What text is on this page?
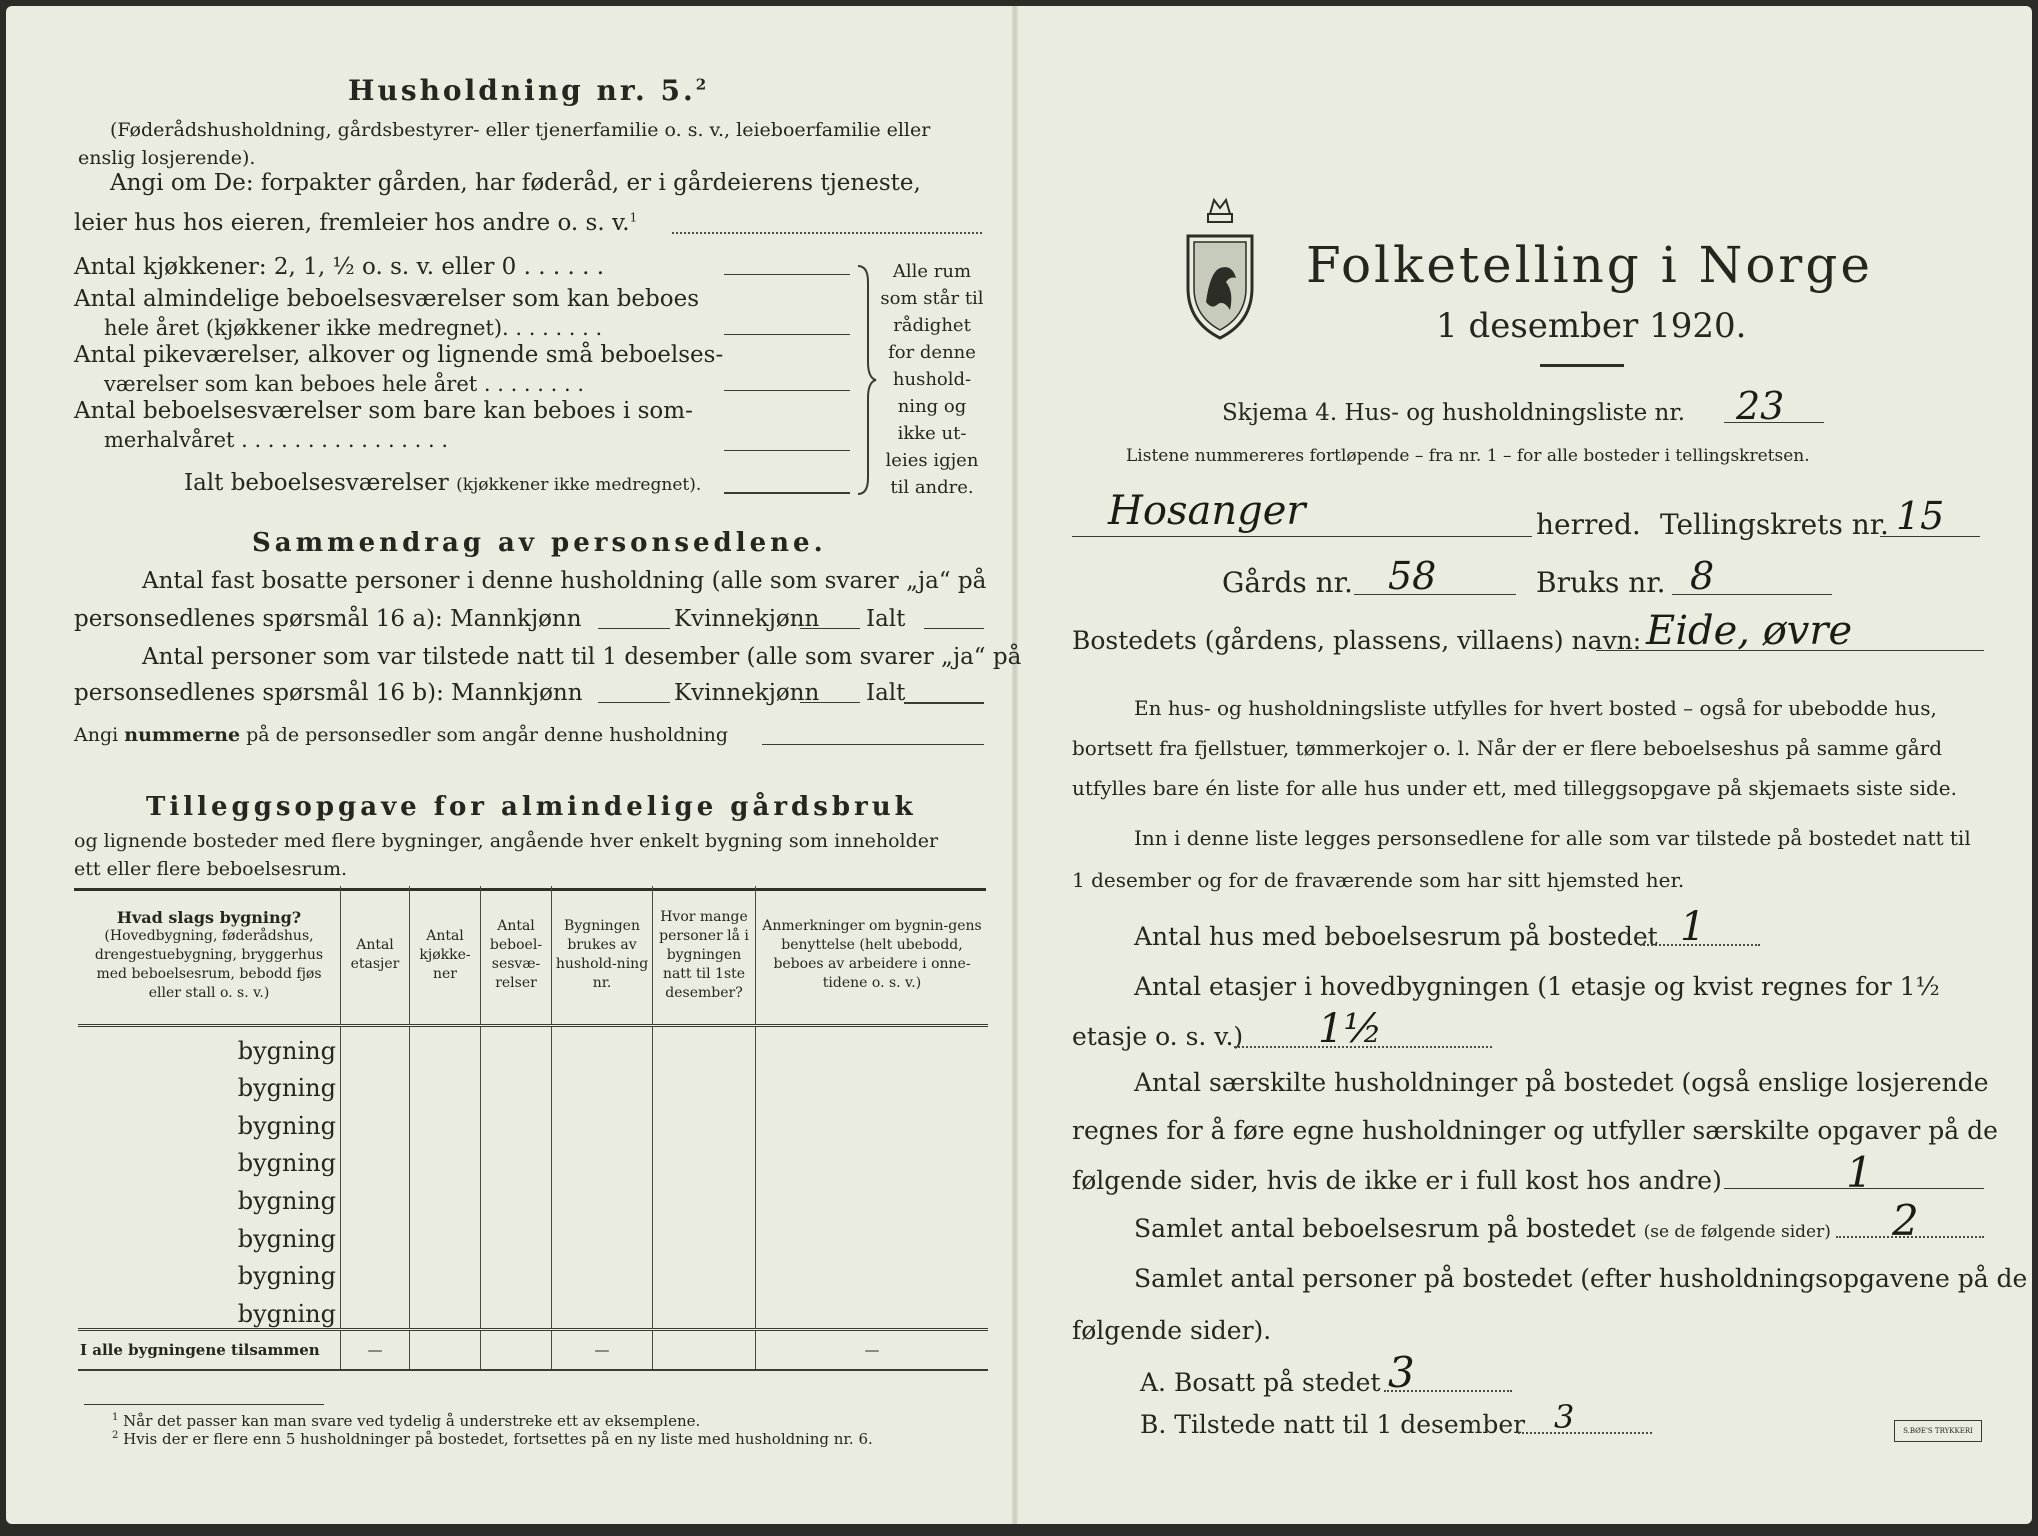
Husholdning nr. 5.$^2$
(Føderådshusholdning, gårdsbestyrer- eller tjenerfamilie o. s. v., leieboerfamilie eller enslig losjerende).
Angi om De: forpakter gården, har føderåd, er i gårdeierens tjeneste,
leier hus hos eieren, fremleier hos andre o. s. v.$^1$
Antal kjøkkener: 2, 1, ½ o. s. v. eller 0 . . . . . .
Antal almindelige beboelsesværelser som kan beboes
hele året (kjøkkener ikke medregnet). . . . . . . .
Antal pikeværelser, alkover og lignende små beboelses-
værelser som kan beboes hele året . . . . . . . .
Antal beboelsesværelser som bare kan beboes i som-
merhalvåret . . . . . . . . . . . . . . . .
Ialt beboelsesværelser (kjøkkener ikke medregnet).
Alle rum
som står til
rådighet
for denne
hushold-
ning og
ikke ut-
leies igjen
til andre.
Sammendrag av personsedlene.
Antal fast bosatte personer i denne husholdning (alle som svarer „ja“ på
personsedlenes spørsmål 16 a): Mannkjønn	Kvinnekjønn Ialt
Antal personer som var tilstede natt til 1 desember (alle som svarer „ja“ på
personsedlenes spørsmål 16 b): Mannkjønn	Kvinnekjønn Ialt
Angi nummerne på de personsedler som angår denne husholdning
Tilleggsopgave for almindelige gårdsbruk
og lignende bosteder med flere bygninger, angående hver enkelt bygning som inneholder
ett eller flere beboelsesrum.
Hvad slags bygning?
(Hovedbygning, føderådshus, drengestuebygning, bryggerhus med beboelsesrum, bebodd fjøs eller stall o. s. v.)	Antal etasjer	Antal kjøkke-ner	Antal beboel-sesvæ-relser	Bygningen brukes av hushold-ning nr.	Hvor mange personer lå i bygningen natt til 1ste desember?	Anmerkninger om bygnin-gens benyttelse (helt ubebodd, beboes av arbeidere i onne-tidene o. s. v.)
bygning						
bygning						
bygning						
bygning						
bygning						
bygning						
bygning						
bygning						
I alle bygningene tilsammen	—			—		—
$^1$ Når det passer kan man svare ved tydelig å understreke ett av eksemplene.
$^2$ Hvis der er flere enn 5 husholdninger på bostedet, fortsettes på en ny liste med husholdning nr. 6.
Folketelling i Norge
1 desember 1920.
Skjema 4. Hus- og husholdningsliste nr. 23
Listene nummereres fortløpende – fra nr. 1 – for alle bosteder i tellingskretsen.
Hosanger	herred. Tellingskrets nr. 15
Gårds nr. 58	Bruks nr. 8
Bostedets (gårdens, plassens, villaens) navn: Eide, øvre
En hus- og husholdningsliste utfylles for hvert bosted – også for ubebodde hus,
bortsett fra fjellstuer, tømmerkojer o. l. Når der er flere beboelseshus på samme gård
utfylles bare én liste for alle hus under ett, med tilleggsopgave på skjemaets siste side.
Inn i denne liste legges personsedlene for alle som var tilstede på bostedet natt til
1 desember og for de fraværende som har sitt hjemsted her.
Antal hus med beboelsesrum på bostedet 1
Antal etasjer i hovedbygningen (1 etasje og kvist regnes for 1½
etasje o. s. v.) 1½
Antal særskilte husholdninger på bostedet (også enslige losjerende
regnes for å føre egne husholdninger og utfyller særskilte opgaver på de
følgende sider, hvis de ikke er i full kost hos andre)	1
Samlet antal beboelsesrum på bostedet (se de følgende sider) 2
Samlet antal personer på bostedet (efter husholdningsopgavene på de
følgende sider).
A. Bosatt på stedet 3
B. Tilstede natt til 1 desember 3	S.BØE'S TRYKKERI
